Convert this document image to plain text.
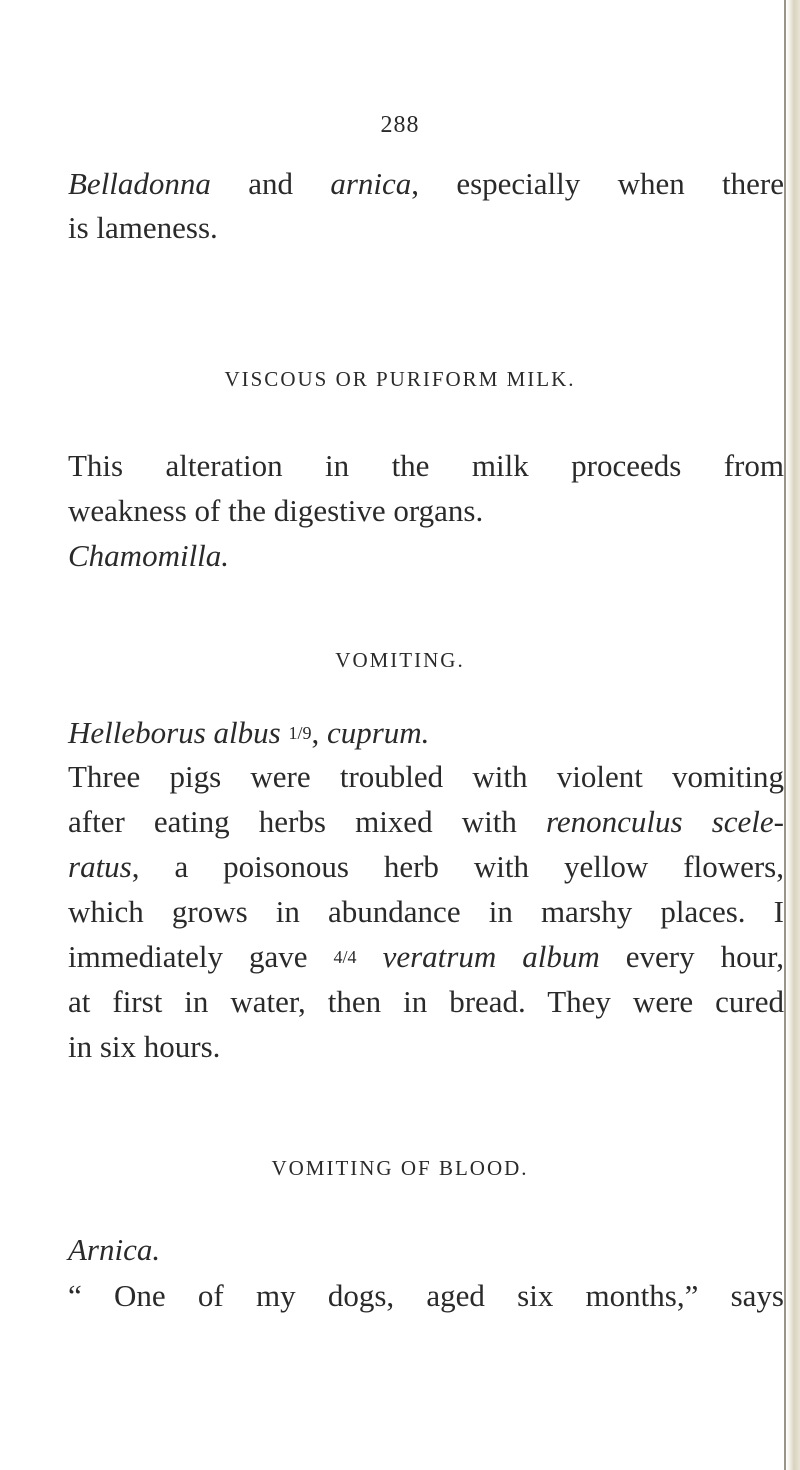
288
Belladonna and arnica, especially when there
is lameness.
VISCOUS OR PURIFORM MILK.
This alteration in the milk proceeds from
weakness of the digestive organs.
Chamomilla.
VOMITING.
Helleborus albus 1/9, cuprum.
Three pigs were troubled with violent vomiting
after eating herbs mixed with renonculus scele-
ratus, a poisonous herb with yellow flowers,
which grows in abundance in marshy places. I
immediately gave 4/4 veratrum album every hour,
at first in water, then in bread. They were cured
in six hours.
VOMITING OF BLOOD.
Arnica.
“ One of my dogs, aged six months,” says
